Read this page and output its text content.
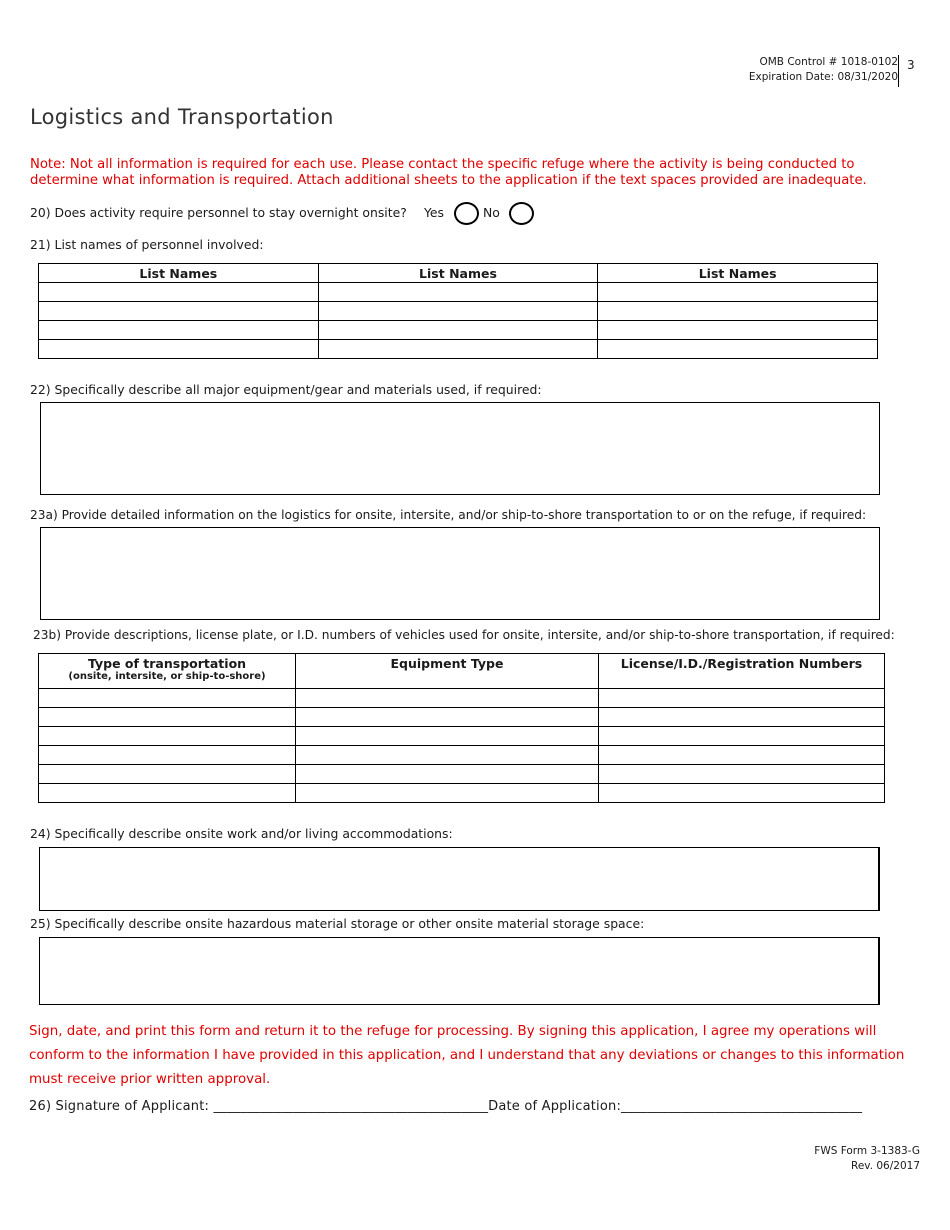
OMB Control # 1018-0102
Expiration Date: 08/31/2020
3
Logistics and Transportation
Note: Not all information is required for each use. Please contact the specific refuge where the activity is being conducted to determine what information is required. Attach additional sheets to the application if the text spaces provided are inadequate.
20) Does activity require personnel to stay overnight onsite? Yes	No
21) List names of personnel involved:
List Names	List Names	List Names

22) Specifically describe all major equipment/gear and materials used, if required:
23a) Provide detailed information on the logistics for onsite, intersite, and/or ship-to-shore transportation to or on the refuge, if required:
23b) Provide descriptions, license plate, or I.D. numbers of vehicles used for onsite, intersite, and/or ship-to-shore transportation, if required:
Type of transportation
(onsite, intersite, or ship-to-shore)	Equipment Type	License/I.D./Registration Numbers

24) Specifically describe onsite work and/or living accommodations:
25) Specifically describe onsite hazardous material storage or other onsite material storage space:
Sign, date, and print this form and return it to the refuge for processing. By signing this application, I agree my operations will conform to the information I have provided in this application, and I understand that any deviations or changes to this information must receive prior written approval.
26) Signature of Applicant: _________________________________________Date of Application:____________________________________
FWS Form 3-1383-G
Rev. 06/2017
